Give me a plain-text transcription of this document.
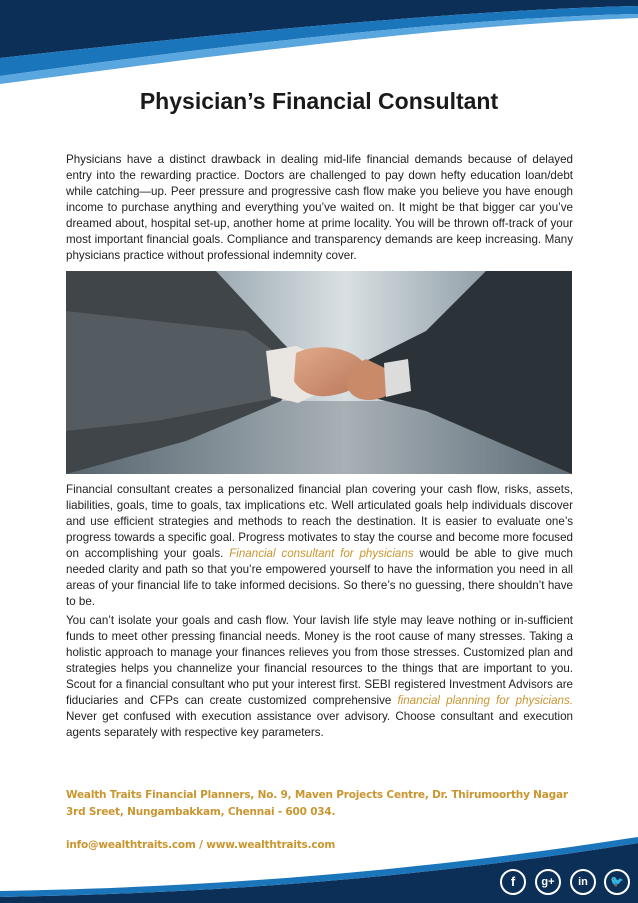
Physician’s Financial Consultant

Physicians have a distinct drawback in dealing mid-life financial demands because of delayed entry into the rewarding practice. Doctors are challenged to pay down hefty education loan/debt while catching—up. Peer pressure and progressive cash flow make you believe you have enough income to purchase anything and everything you’ve waited on. It might be that bigger car you’ve dreamed about, hospital set-up, another home at prime locality. You will be thrown off-track of your most important financial goals. Compliance and transparency demands are keep increasing. Many physicians practice without professional indemnity cover.

Financial consultant creates a personalized financial plan covering your cash flow, risks, assets, liabilities, goals, time to goals, tax implications etc. Well articulated goals help individuals discover and use efficient strategies and methods to reach the destination. It is easier to evaluate one’s progress towards a specific goal. Progress motivates to stay the course and become more focused on accomplishing your goals. Financial consultant for physicians would be able to give much needed clarity and path so that you’re empowered yourself to have the information you need in all areas of your financial life to take informed decisions. So there’s no guessing, there shouldn’t have to be.

You can’t isolate your goals and cash flow. Your lavish life style may leave nothing or in-sufficient funds to meet other pressing financial needs. Money is the root cause of many stresses. Taking a holistic approach to manage your finances relieves you from those stresses. Customized plan and strategies helps you channelize your financial resources to the things that are important to you. Scout for a financial consultant who put your interest first. SEBI registered Investment Advisors are fiduciaries and CFPs can create customized comprehensive financial planning for physicians. Never get confused with execution assistance over advisory. Choose consultant and execution agents separately with respective key parameters.

Wealth Traits Financial Planners, No. 9, Maven Projects Centre, Dr. Thirumoorthy Nagar
3rd Sreet, Nungambakkam, Chennai - 600 034.
info@wealthtraits.com / www.wealthtraits.com
f	g+	in	🐦
